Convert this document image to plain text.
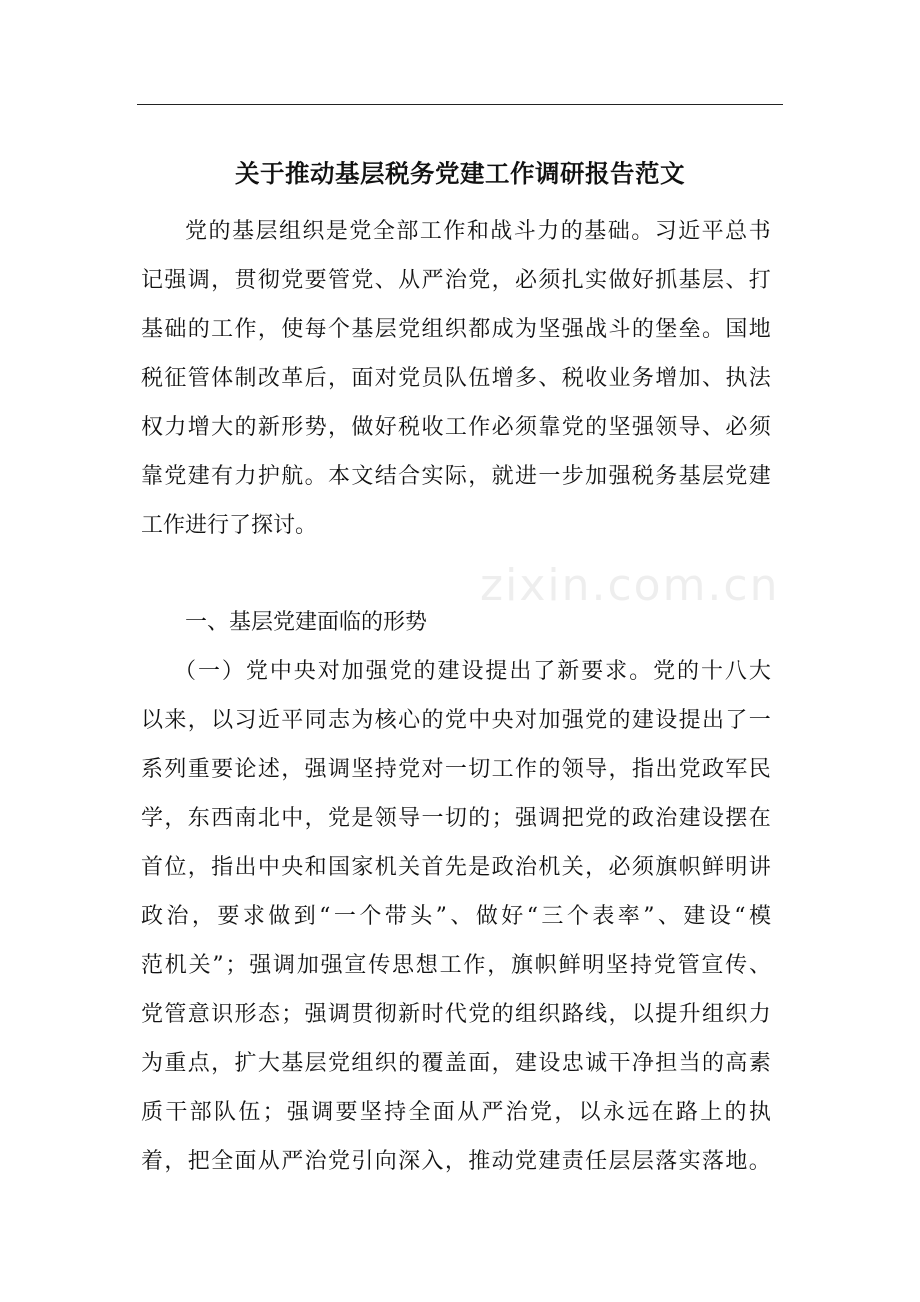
关于推动基层税务党建工作调研报告范文
zixin.com.cn
党 的 基 层 组 织 是 党 全 部 工 作 和 战 斗 力 的 基 础 。 习 近 平 总 书
记 强 调 ， 贯 彻 党 要 管 党 、 从 严 治 党 ， 必 须 扎 实 做 好 抓 基 层 、 打
基 础 的 工 作 ， 使 每 个 基 层 党 组 织 都 成 为 坚 强 战 斗 的 堡 垒 。 国 地
税 征 管 体 制 改 革 后 ， 面 对 党 员 队 伍 增 多 、 税 收 业 务 增 加 、 执 法
权 力 增 大 的 新 形 势 ， 做 好 税 收 工 作 必 须 靠 党 的 坚 强 领 导 、 必 须
靠 党 建 有 力 护 航 。 本 文 结 合 实 际 ， 就 进 一 步 加 强 税 务 基 层 党 建
工作进行了探讨。
一、基层党建面临的形势
（ 一 ） 党 中 央 对 加 强 党 的 建 设 提 出 了 新 要 求 。 党 的 十 八 大
以 来 ， 以 习 近 平 同 志 为 核 心 的 党 中 央 对 加 强 党 的 建 设 提 出 了 一
系 列 重 要 论 述 ， 强 调 坚 持 党 对 一 切 工 作 的 领 导 ， 指 出 党 政 军 民
学 ， 东 西 南 北 中 ， 党 是 领 导 一 切 的 ； 强 调 把 党 的 政 治 建 设 摆 在
首 位 ， 指 出 中 央 和 国 家 机 关 首 先 是 政 治 机 关 ， 必 须 旗 帜 鲜 明 讲
政 治 ， 要 求 做 到 “ 一 个 带 头 ” 、 做 好 “ 三 个 表 率 ” 、 建 设 “ 模
范 机 关 ” ； 强 调 加 强 宣 传 思 想 工 作 ， 旗 帜 鲜 明 坚 持 党 管 宣 传 、
党 管 意 识 形 态 ； 强 调 贯 彻 新 时 代 党 的 组 织 路 线 ， 以 提 升 组 织 力
为 重 点 ， 扩 大 基 层 党 组 织 的 覆 盖 面 ， 建 设 忠 诚 干 净 担 当 的 高 素
质 干 部 队 伍 ； 强 调 要 坚 持 全 面 从 严 治 党 ， 以 永 远 在 路 上 的 执
着 ， 把 全 面 从 严 治 党 引 向 深 入 ， 推 动 党 建 责 任 层 层 落 实 落 地 。
